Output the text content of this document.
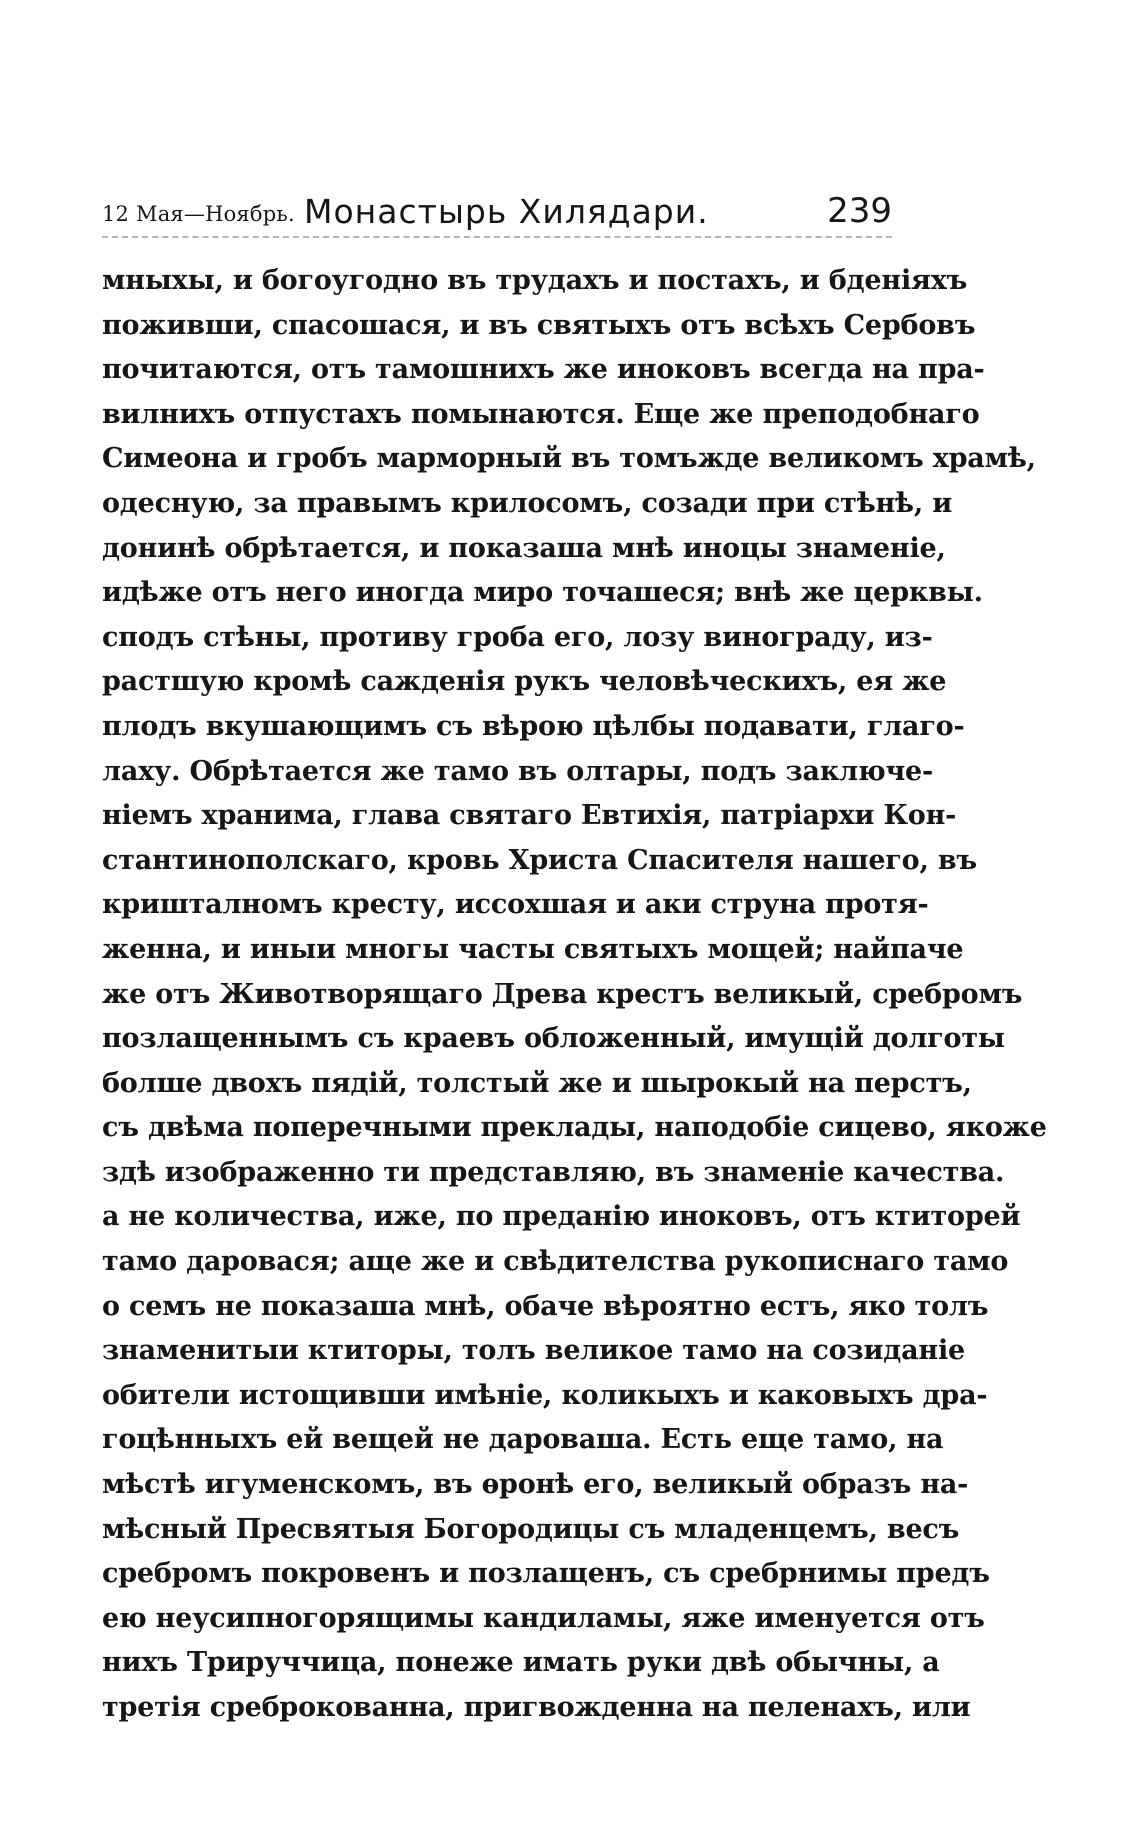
12 Мая—Ноябрь. Монастырь Хилядари.	239
мныхы, и богоугодно въ трудахъ и постахъ, и бденіяхъ
поживши, спасошася, и въ святыхъ отъ всѣхъ Сербовъ
почитаются, отъ тамошнихъ же иноковъ всегда на пра-
вилнихъ отпустахъ помынаются. Еще же преподобнаго
Симеона и гробъ марморный въ томъжде великомъ храмѣ,
одесную, за правымъ крилосомъ, созади при стѣнѣ, и
донинѣ обрѣтается, и показаша мнѣ иноцы знаменіе,
идѣже отъ него иногда миро точашеся; внѣ же церквы.
сподъ стѣны, противу гроба его, лозу винограду, из-
растшую кромѣ сажденія рукъ человѣческихъ, ея же
плодъ вкушающимъ съ вѣрою цѣлбы подавати, глаго-
лаху. Обрѣтается же тамо въ олтары, подъ заключе-
ніемъ хранима, глава святаго Евтихія, патріархи Кон-
стантинополскаго, кровь Христа Спасителя нашего, въ
кришталномъ кресту, иссохшая и аки струна протя-
женна, и иныи многы часты святыхъ мощей; найпаче
же отъ Животворящаго Древа крестъ великый, сребромъ
позлащеннымъ съ краевъ обложенный, имущій долготы
болше двохъ пядій, толстый же и шырокый на перстъ,
съ двѣма поперечными преклады, наподобіе сицево, якоже
здѣ изображенно ти представляю, въ знаменіе качества.
а не количества, иже, по преданію иноковъ, отъ ктиторей
тамо даровася; аще же и свѣдителства рукописнаго тамо
о семъ не показаша мнѣ, обаче вѣроятно естъ, яко толъ
знаменитыи ктиторы, толъ великое тамо на созиданіе
обители истощивши имѣніе, коликыхъ и каковыхъ дра-
гоцѣнныхъ ей вещей не дароваша. Есть еще тамо, на
мѣстѣ игуменскомъ, въ ѳронѣ его, великый образъ на-
мѣсный Пресвятыя Богородицы съ младенцемъ, весъ
сребромъ покровенъ и позлащенъ, съ сребрнимы предъ
ею неусипногорящимы кандиламы, яже именуется отъ
нихъ Трируччица, понеже имать руки двѣ обычны, а
третія среброкованна, пригвожденна на пеленахъ, или
